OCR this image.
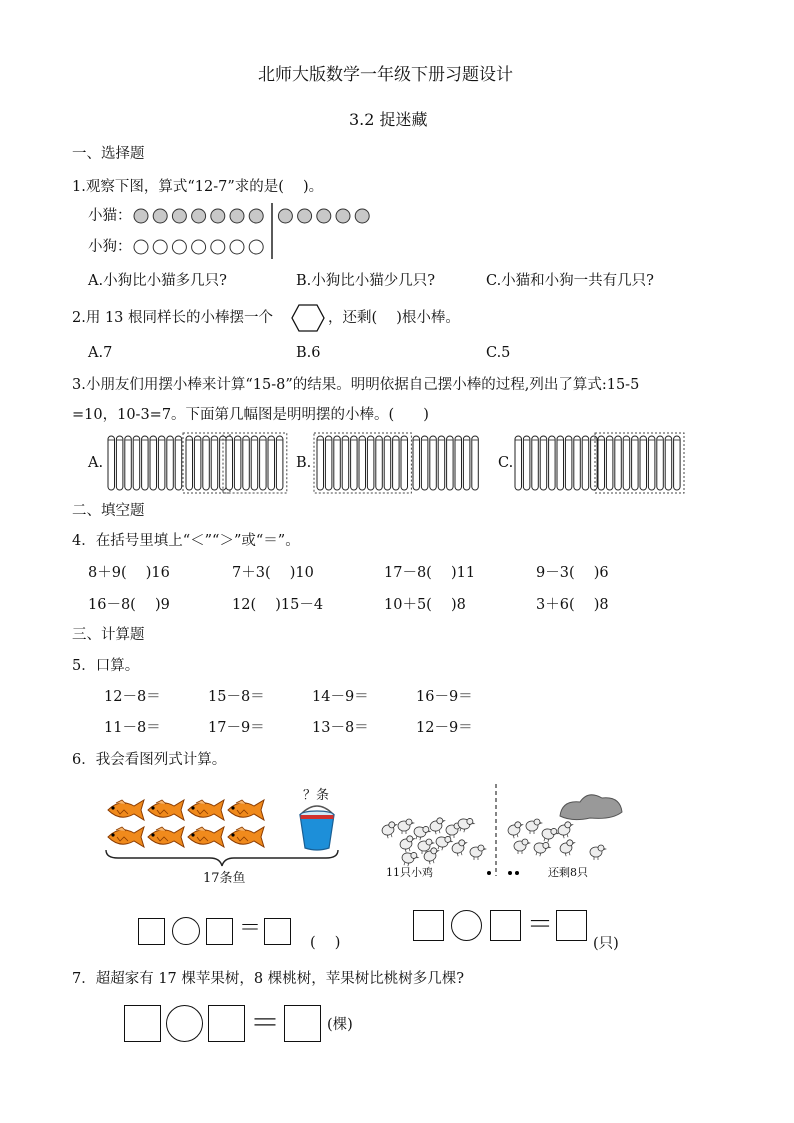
北师大版数学一年级下册习题设计
3.2 捉迷藏
一、选择题
1.观察下图，算式“12-7”求的是(　 )。
小猫：
小狗：
A.小狗比小猫多几只?	B.小狗比小猫少几只?	C.小猫和小狗一共有几只?
2.用 13 根同样长的小棒摆一个	，还剩(　 )根小棒。
A.7	B.6	C.5
3.小朋友们用摆小棒来计算“15-8”的结果。明明依据自己摆小棒的过程,列出了算式:15-5
=10，10-3=7。下面第几幅图是明明摆的小棒。(　　)
A.	B.	C.
二、填空题
4．在括号里填上“＜”“＞”或“＝”。
8＋9(　 )16	7＋3(　 )10	17－8(　 )11	9－3(　 )6
16－8(　 )9	12(　 )15－4	10＋5(　 )8	3＋6(　 )8
三、计算题
5．口算。
12－8＝	15－8＝	14－9＝	16－9＝
11－8＝	17－9＝	13－8＝	12－9＝
6．我会看图列式计算。
？条
17条鱼	11只小鸡	还剩8只
＝
(　 )
＝
(只)
7．超超家有 17 棵苹果树，8 棵桃树，苹果树比桃树多几棵?
＝	(棵)
